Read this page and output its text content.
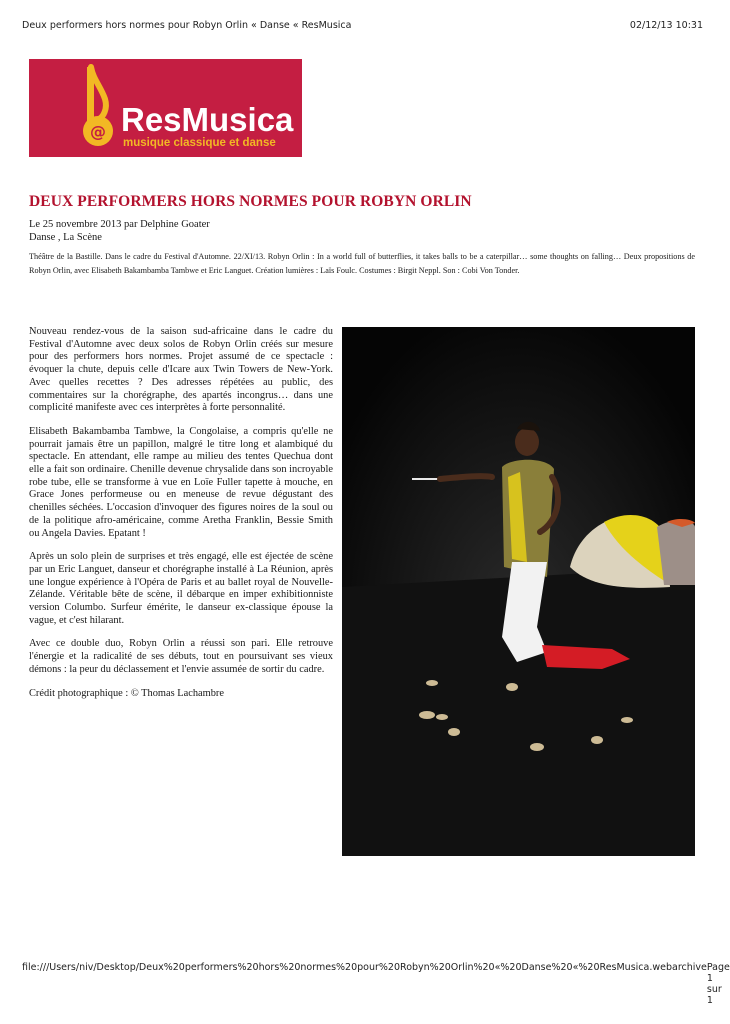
Deux performers hors normes pour Robyn Orlin « Danse « ResMusica	02/12/13 10:31
@ ResMusica
musique classique et danse
DEUX PERFORMERS HORS NORMES POUR ROBYN ORLIN
Le 25 novembre 2013 par Delphine Goater
Danse , La Scène
Théâtre de la Bastille. Dans le cadre du Festival d'Automne. 22/XI/13. Robyn Orlin : In a world full of butterflies, it takes balls to be a caterpillar… some thoughts on falling… Deux propositions de Robyn Orlin, avec Elisabeth Bakambamba Tambwe et Eric Languet. Création lumières : Laïs Foulc. Costumes : Birgit Neppl. Son : Cobi Von Tonder.

Nouveau rendez-vous de la saison sud-africaine dans le cadre du Festival d'Automne avec deux solos de Robyn Orlin créés sur mesure pour des performers hors normes. Projet assumé de ce spectacle : évoquer la chute, depuis celle d'Icare aux Twin Towers de New-York. Avec quelles recettes ? Des adresses répétées au public, des commentaires sur la chorégraphe, des apartés incongrus… dans une complicité manifeste avec ces interprètes à forte personnalité.

Elisabeth Bakambamba Tambwe, la Congolaise, a compris qu'elle ne pourrait jamais être un papillon, malgré le titre long et alambiqué du spectacle. En attendant, elle rampe au milieu des tentes Quechua dont elle a fait son ordinaire. Chenille devenue chrysalide dans son incroyable robe tube, elle se transforme à vue en Loïe Fuller tapette à mouche, en Grace Jones performeuse ou en meneuse de revue dégustant des chenilles séchées. L'occasion d'invoquer des figures noires de la soul ou de la politique afro-américaine, comme Aretha Franklin, Bessie Smith ou Angela Davies. Epatant !

Après un solo plein de surprises et très engagé, elle est éjectée de scène par un Eric Languet, danseur et chorégraphe installé à La Réunion, après une longue expérience à l'Opéra de Paris et au ballet royal de Nouvelle-Zélande. Véritable bête de scène, il débarque en imper exhibitionniste version Columbo. Surfeur émérite, le danseur ex-classique épouse la vague, et c'est hilarant.

Avec ce double duo, Robyn Orlin a réussi son pari. Elle retrouve l'énergie et la radicalité de ses débuts, tout en poursuivant ses vieux démons : la peur du déclassement et l'envie assumée de sortir du cadre.

Crédit photographique : © Thomas Lachambre

file:///Users/niv/Desktop/Deux%20performers%20hors%20normes%20pour%20Robyn%20Orlin%20«%20Danse%20«%20ResMusica.webarchive Page 1 sur 1
